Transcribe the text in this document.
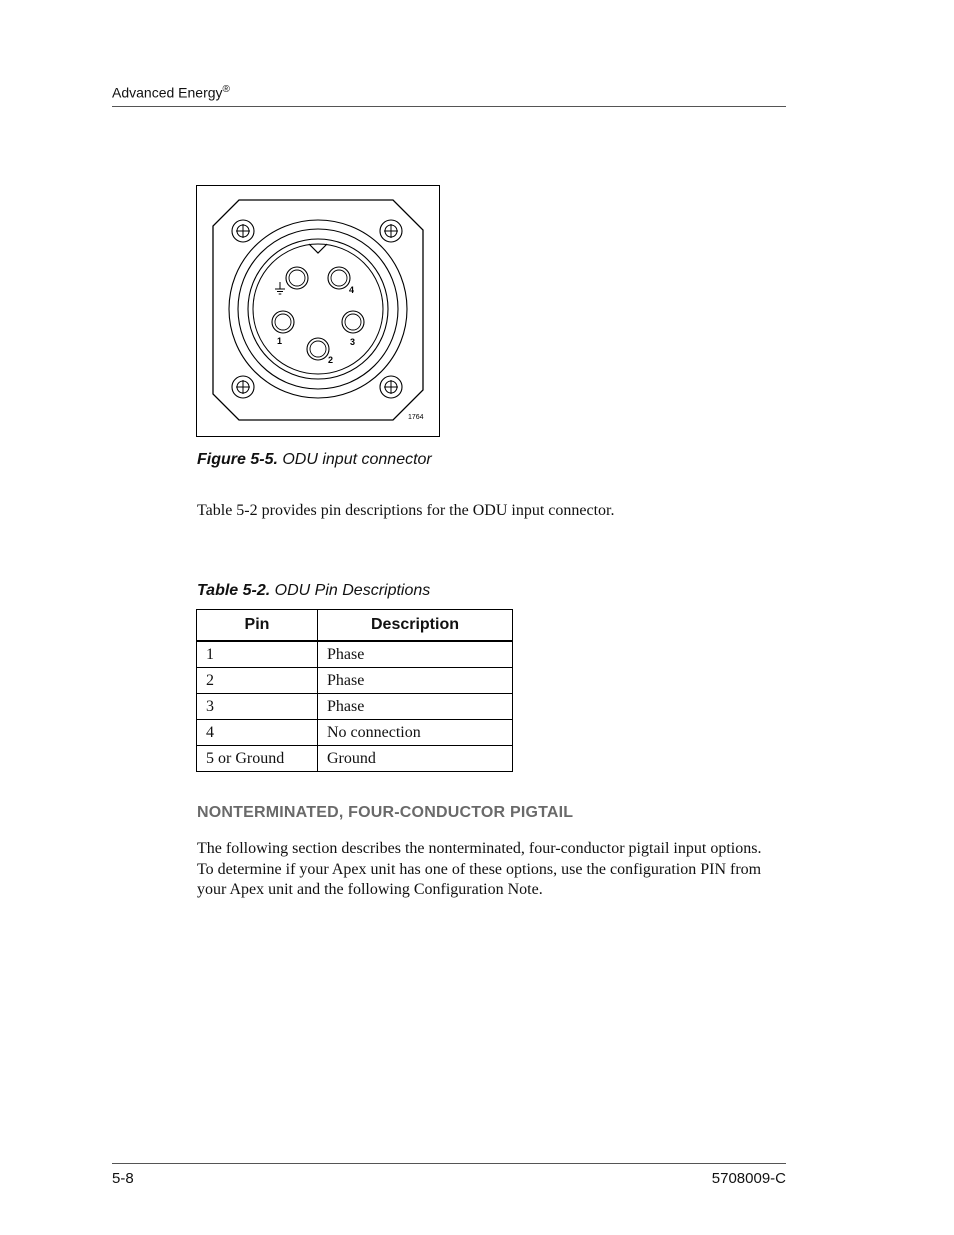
Advanced Energy®
4
1	3
2
1764
Figure 5-5. ODU input connector
Table 5-2 provides pin descriptions for the ODU input connector.
Table 5-2. ODU Pin Descriptions
Pin	Description
1	Phase
2	Phase
3	Phase
4	No connection
5 or Ground	Ground
NONTERMINATED, FOUR-CONDUCTOR PIGTAIL
The following section describes the nonterminated, four-conductor pigtail input options. To determine if your Apex unit has one of these options, use the configuration PIN from your Apex unit and the following Configuration Note.
5-8	5708009-C
